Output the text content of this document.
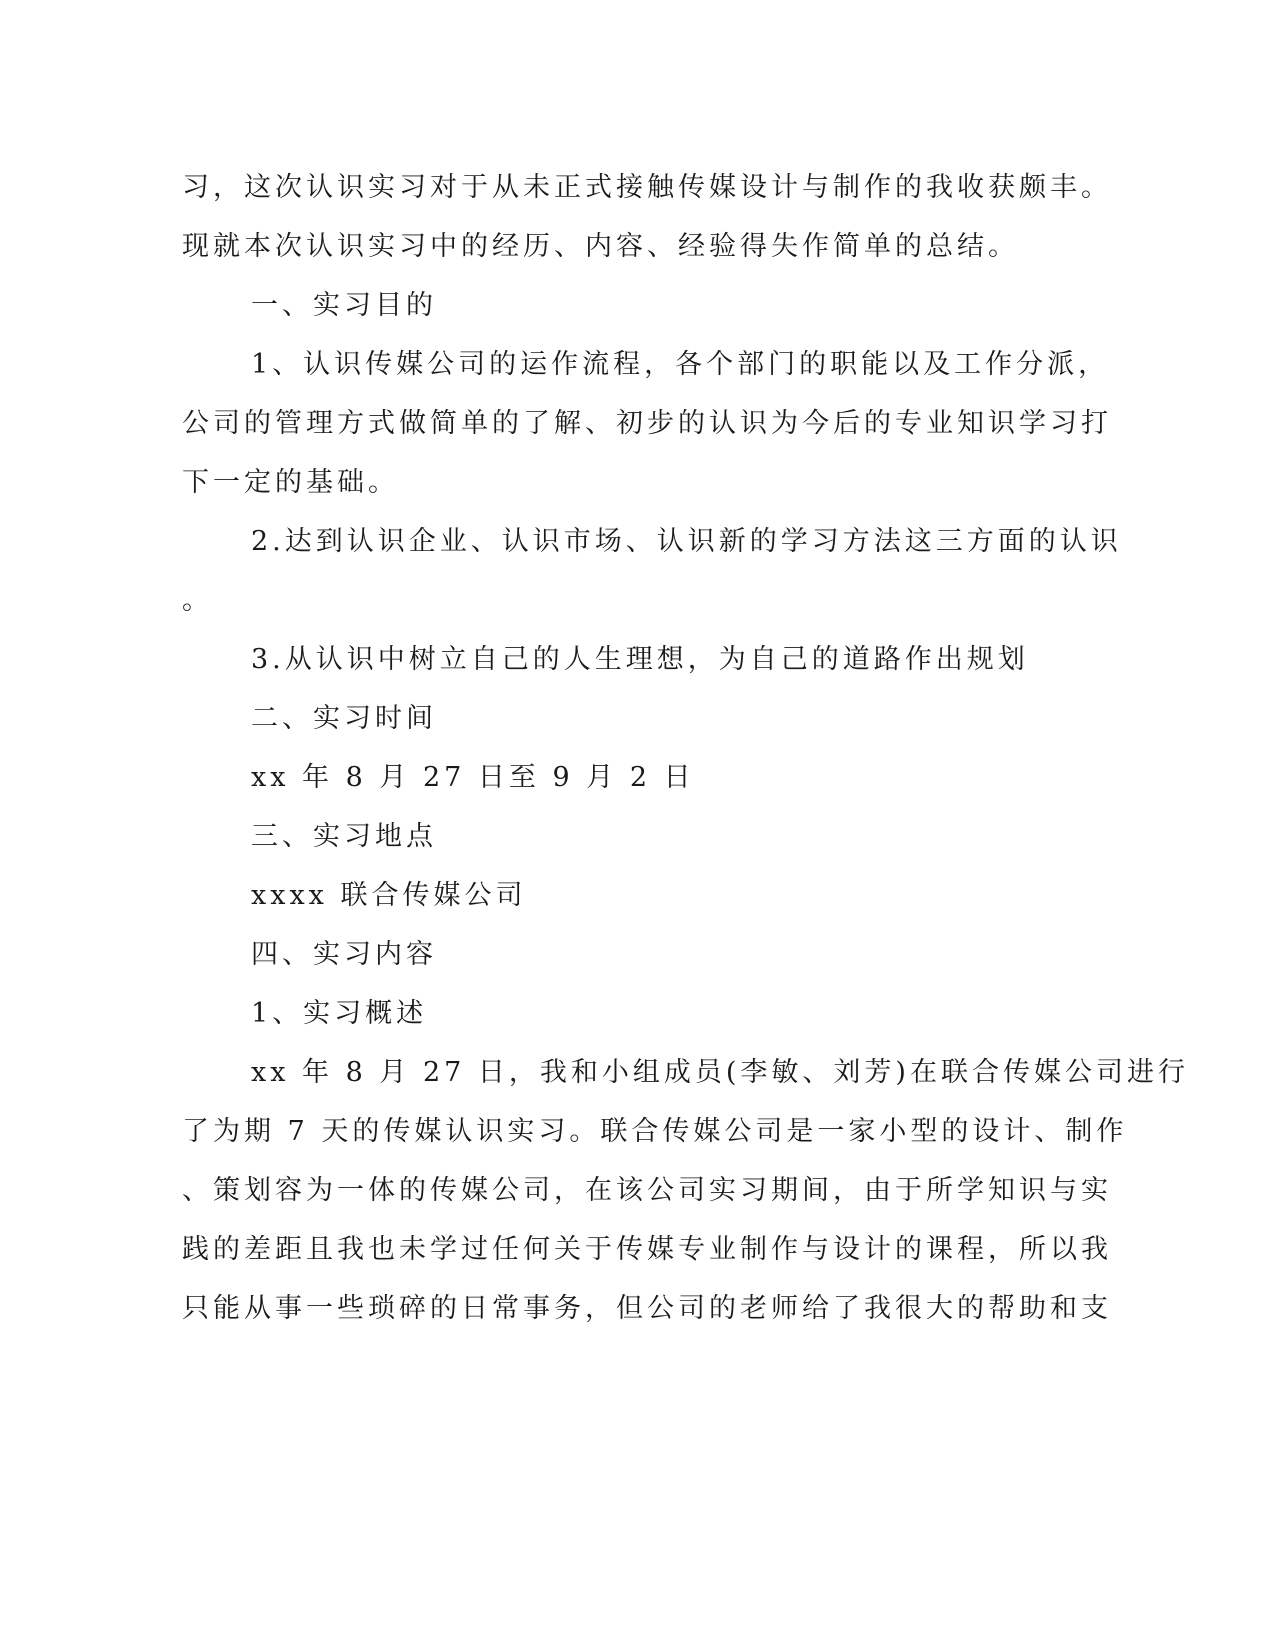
习，这次认识实习对于从未正式接触传媒设计与制作的我收获颇丰。
现就本次认识实习中的经历、内容、经验得失作简单的总结。
一、实习目的
1、认识传媒公司的运作流程，各个部门的职能以及工作分派，
公司的管理方式做简单的了解、初步的认识为今后的专业知识学习打
下一定的基础。
2.达到认识企业、认识市场、认识新的学习方法这三方面的认识
。
3.从认识中树立自己的人生理想，为自己的道路作出规划
二、实习时间
xx 年 8 月 27 日至 9 月 2 日
三、实习地点
xxxx 联合传媒公司
四、实习内容
1、实习概述
xx 年 8 月 27 日，我和小组成员(李敏、刘芳)在联合传媒公司进行
了为期 7 天的传媒认识实习。联合传媒公司是一家小型的设计、制作
、策划容为一体的传媒公司，在该公司实习期间，由于所学知识与实
践的差距且我也未学过任何关于传媒专业制作与设计的课程，所以我
只能从事一些琐碎的日常事务，但公司的老师给了我很大的帮助和支
